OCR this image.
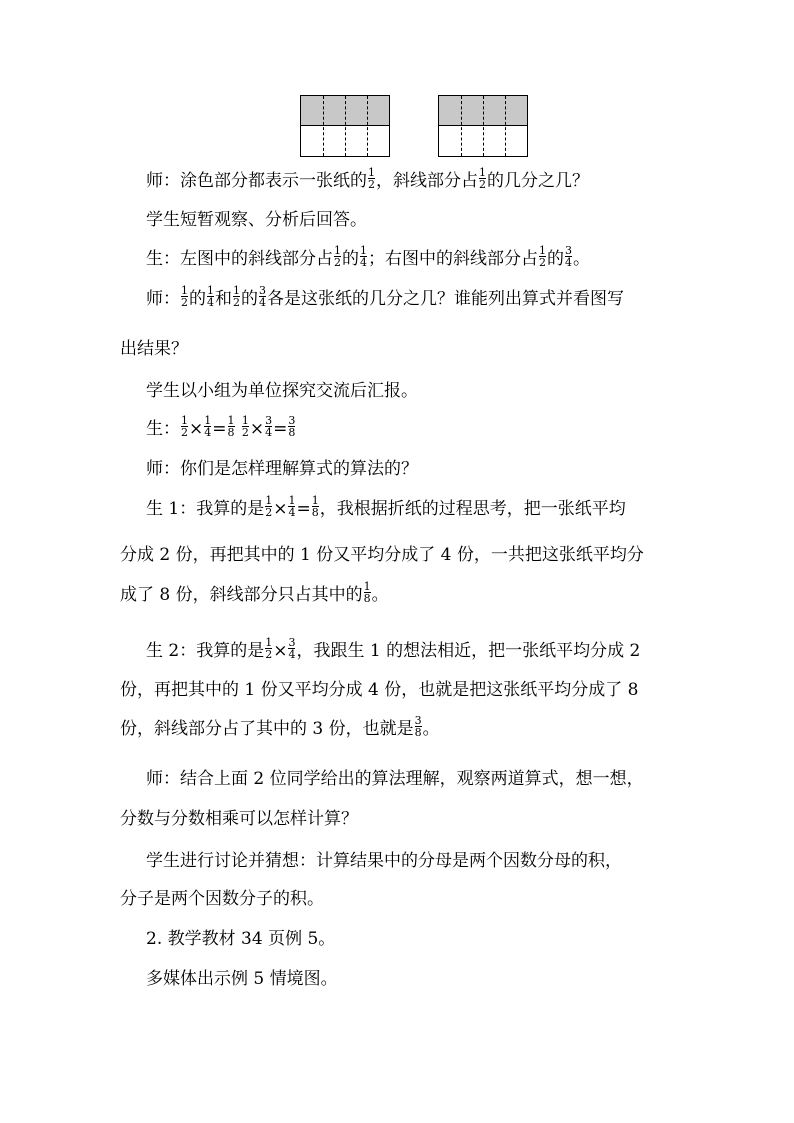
师：涂色部分都表示一张纸的 $\frac{1}{2}$ ，斜线部分占 $\frac{1}{2}$ 的几分之几？
学生短暂观察、分析后回答。
生：左图中的斜线部分占 $\frac{1}{2}$ 的 $\frac{1}{4}$ ；右图中的斜线部分占 $\frac{1}{2}$ 的 $\frac{3}{4}$ 。
师： $\frac{1}{2}$ 的 $\frac{1}{4}$ 和 $\frac{1}{2}$ 的 $\frac{3}{4}$ 各是这张纸的几分之几？谁能列出算式并看图写
出结果？
学生以小组为单位探究交流后汇报。
生： $\frac{1}{2} \times \frac{1}{4} = \frac{1}{8}$
$\frac{1}{2} \times \frac{3}{4} = \frac{3}{8}$
师：你们是怎样理解算式的算法的？
生 1：我算的是 $\frac{1}{2} \times \frac{1}{4} = \frac{1}{8}$ ，我根据折纸的过程思考，把一张纸平均
分成 2 份，再把其中的 1 份又平均分成了 4 份，一共把这张纸平均分
成了 8 份，斜线部分只占其中的 $\frac{1}{8}$ 。
生 2：我算的是 $\frac{1}{2} \times \frac{3}{4}$ ，我跟生 1 的想法相近，把一张纸平均分成 2
份，再把其中的 1 份又平均分成 4 份，也就是把这张纸平均分成了 8
份，斜线部分占了其中的 3 份，也就是 $\frac{3}{8}$ 。
师：结合上面 2 位同学给出的算法理解，观察两道算式，想一想，
分数与分数相乘可以怎样计算？
学生进行讨论并猜想：计算结果中的分母是两个因数分母的积，
分子是两个因数分子的积。
2. 教学教材 34 页例 5。
多媒体出示例 5 情境图。
